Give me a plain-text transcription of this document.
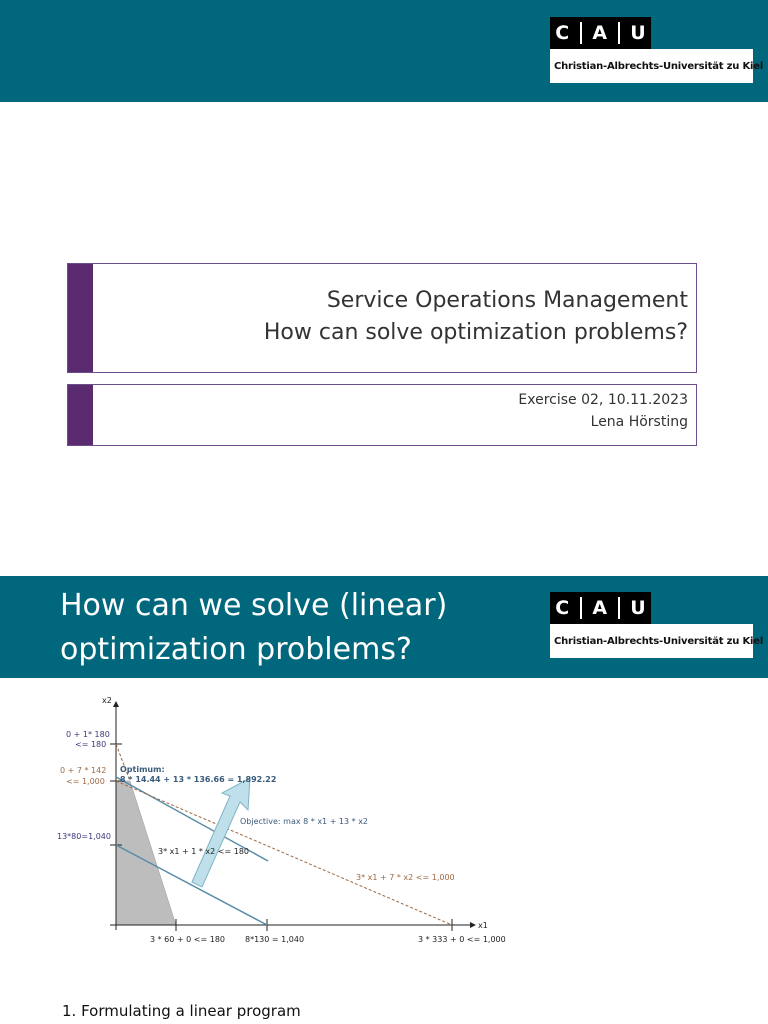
C A U
Christian-Albrechts-Universität zu Kiel
Service Operations Management
How can solve optimization problems?
Exercise 02, 10.11.2023
Lena Hörsting
How can we solve (linear)
optimization problems?
C A U
Christian-Albrechts-Universität zu Kiel
x2
x1
0 + 1* 180
<= 180
0 + 7 * 142
<= 1,000
13*80=1,040
Optimum:
8 * 14.44 + 13 * 136.66 = 1,892.22
Objective: max 8 * x1 + 13 * x2
3* x1 + 1 * x2 <= 180
3* x1 + 7 * x2 <= 1,000
3 * 60 + 0 <= 180	8*130 = 1,040	3 * 333 + 0 <= 1,000
1. Formulating a linear program
